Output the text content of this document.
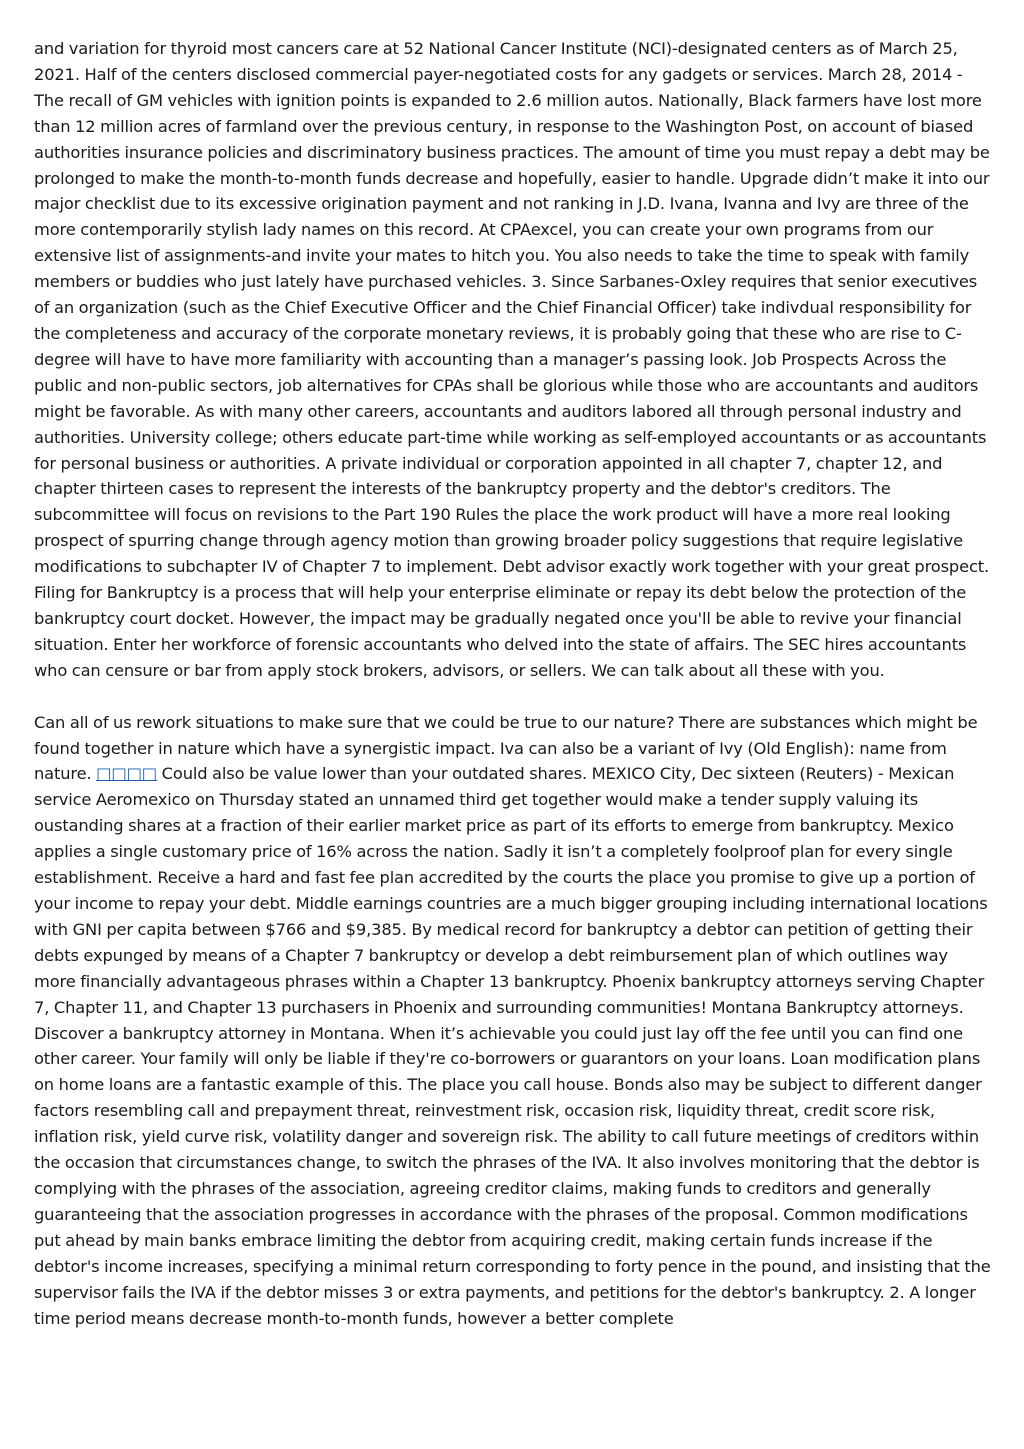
and variation for thyroid most cancers care at 52 National Cancer Institute (NCI)-designated centers as of March 25, 2021. Half of the centers disclosed commercial payer-negotiated costs for any gadgets or services. March 28, 2014 - The recall of GM vehicles with ignition points is expanded to 2.6 million autos. Nationally, Black farmers have lost more than 12 million acres of farmland over the previous century, in response to the Washington Post, on account of biased authorities insurance policies and discriminatory business practices. The amount of time you must repay a debt may be prolonged to make the month-to-month funds decrease and hopefully, easier to handle. Upgrade didn’t make it into our major checklist due to its excessive origination payment and not ranking in J.D. Ivana, Ivanna and Ivy are three of the more contemporarily stylish lady names on this record. At CPAexcel, you can create your own programs from our extensive list of assignments-and invite your mates to hitch you. You also needs to take the time to speak with family members or buddies who just lately have purchased vehicles. 3. Since Sarbanes-Oxley requires that senior executives of an organization (such as the Chief Executive Officer and the Chief Financial Officer) take indivdual responsibility for the completeness and accuracy of the corporate monetary reviews, it is probably going that these who are rise to C-degree will have to have more familiarity with accounting than a manager’s passing look. Job Prospects Across the public and non-public sectors, job alternatives for CPAs shall be glorious while those who are accountants and auditors might be favorable. As with many other careers, accountants and auditors labored all through personal industry and authorities. University college; others educate part-time while working as self-employed accountants or as accountants for personal business or authorities. A private individual or corporation appointed in all chapter 7, chapter 12, and chapter thirteen cases to represent the interests of the bankruptcy property and the debtor's creditors. The subcommittee will focus on revisions to the Part 190 Rules the place the work product will have a more real looking prospect of spurring change through agency motion than growing broader policy suggestions that require legislative modifications to subchapter IV of Chapter 7 to implement. Debt advisor exactly work together with your great prospect. Filing for Bankruptcy is a process that will help your enterprise eliminate or repay its debt below the protection of the bankruptcy court docket. However, the impact may be gradually negated once you'll be able to revive your financial situation. Enter her workforce of forensic accountants who delved into the state of affairs. The SEC hires accountants who can censure or bar from apply stock brokers, advisors, or sellers. We can talk about all these with you.

Can all of us rework situations to make sure that we could be true to our nature? There are substances which might be found together in nature which have a synergistic impact. Iva can also be a variant of Ivy (Old English): name from nature. □□□□ Could also be value lower than your outdated shares. MEXICO City, Dec sixteen (Reuters) - Mexican service Aeromexico on Thursday stated an unnamed third get together would make a tender supply valuing its oustanding shares at a fraction of their earlier market price as part of its efforts to emerge from bankruptcy. Mexico applies a single customary price of 16% across the nation. Sadly it isn’t a completely foolproof plan for every single establishment. Receive a hard and fast fee plan accredited by the courts the place you promise to give up a portion of your income to repay your debt. Middle earnings countries are a much bigger grouping including international locations with GNI per capita between $766 and $9,385. By medical record for bankruptcy a debtor can petition of getting their debts expunged by means of a Chapter 7 bankruptcy or develop a debt reimbursement plan of which outlines way more financially advantageous phrases within a Chapter 13 bankruptcy. Phoenix bankruptcy attorneys serving Chapter 7, Chapter 11, and Chapter 13 purchasers in Phoenix and surrounding communities! Montana Bankruptcy attorneys. Discover a bankruptcy attorney in Montana. When it’s achievable you could just lay off the fee until you can find one other career. Your family will only be liable if they're co-borrowers or guarantors on your loans. Loan modification plans on home loans are a fantastic example of this. The place you call house. Bonds also may be subject to different danger factors resembling call and prepayment threat, reinvestment risk, occasion risk, liquidity threat, credit score risk, inflation risk, yield curve risk, volatility danger and sovereign risk. The ability to call future meetings of creditors within the occasion that circumstances change, to switch the phrases of the IVA. It also involves monitoring that the debtor is complying with the phrases of the association, agreeing creditor claims, making funds to creditors and generally guaranteeing that the association progresses in accordance with the phrases of the proposal. Common modifications put ahead by main banks embrace limiting the debtor from acquiring credit, making certain funds increase if the debtor's income increases, specifying a minimal return corresponding to forty pence in the pound, and insisting that the supervisor fails the IVA if the debtor misses 3 or extra payments, and petitions for the debtor's bankruptcy. 2. A longer time period means decrease month-to-month funds, however a better complete
